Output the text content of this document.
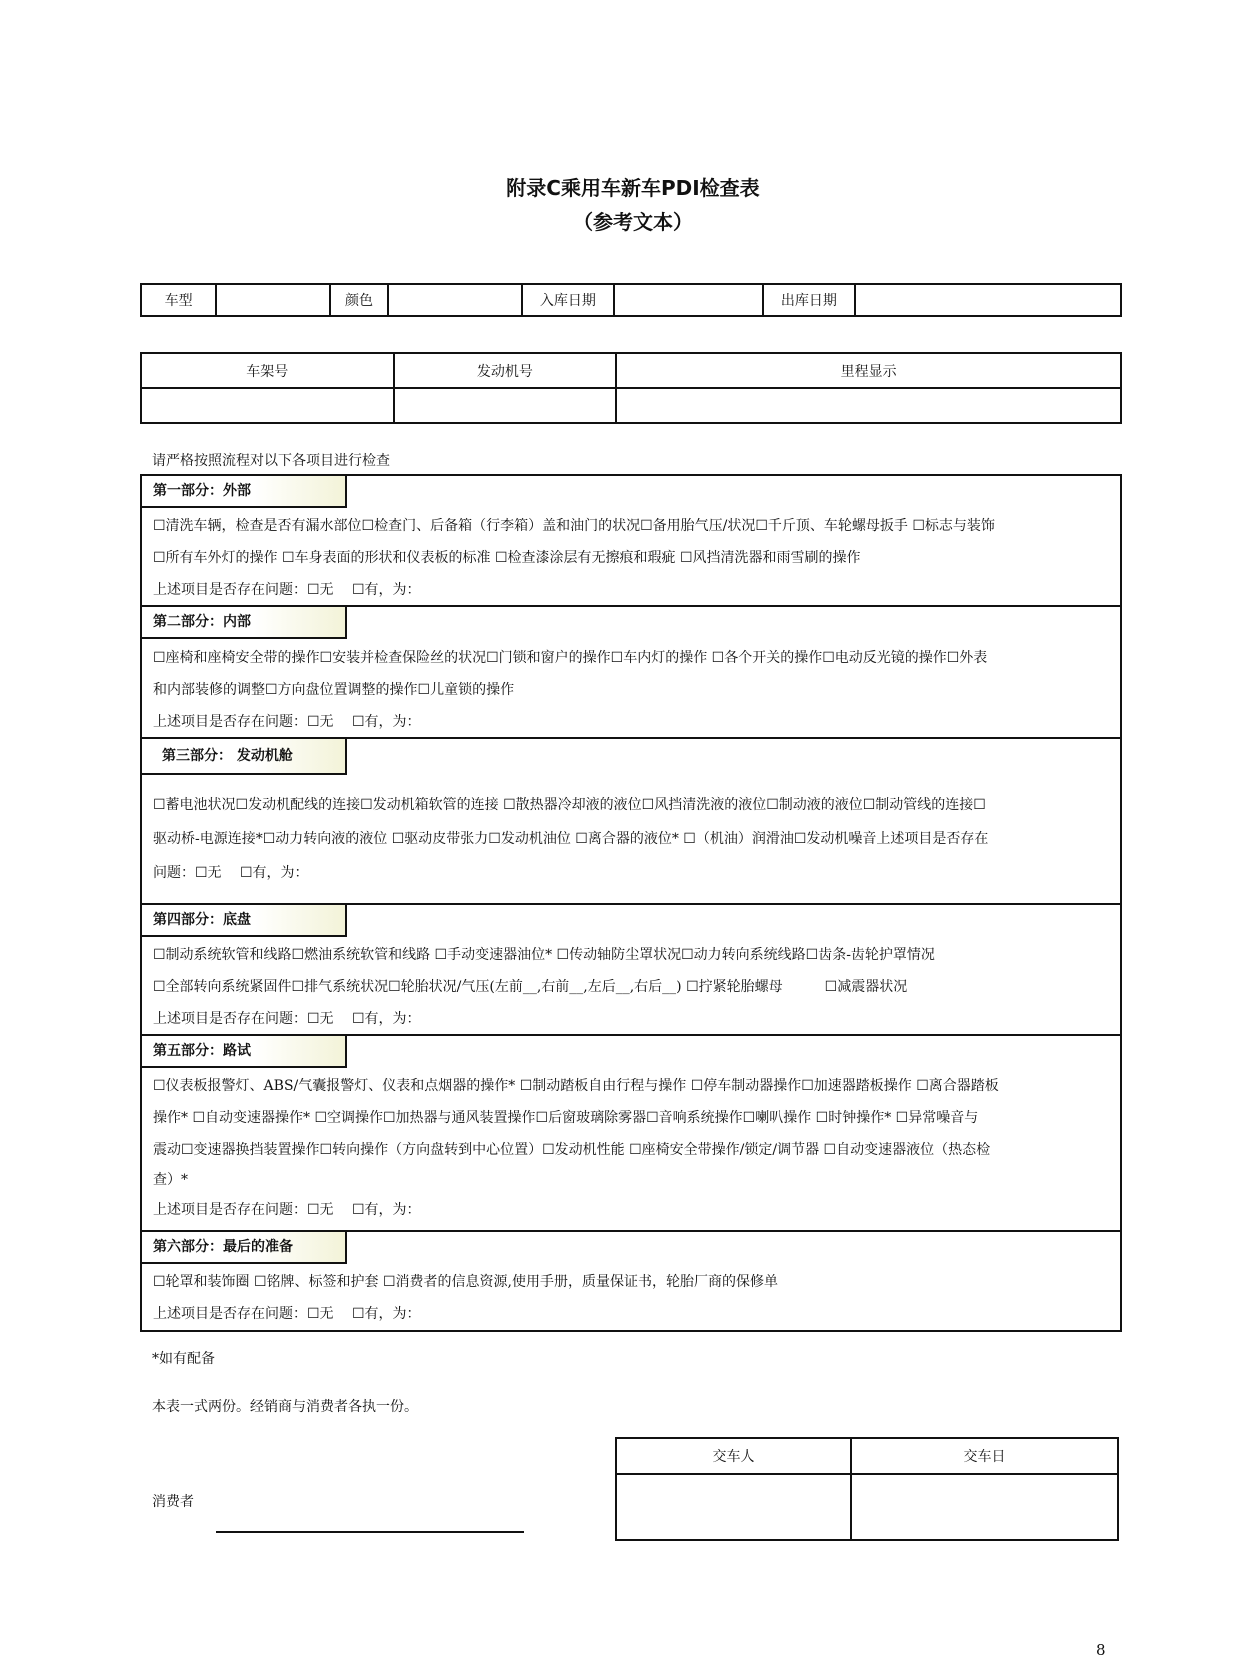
附录C乘用车新车PDI检查表
（参考文本）
车型		颜色		入库日期		出库日期	
车架号	发动机号	里程显示

请严格按照流程对以下各项目进行检查
第一部分：外部
☐清洗车辆，检查是否有漏水部位☐检查门、后备箱（行李箱）盖和油门的状况☐备用胎气压/状况☐千斤顶、车轮螺母扳手 ☐标志与装饰
☐所有车外灯的操作 ☐车身表面的形状和仪表板的标准 ☐检查漆涂层有无擦痕和瑕疵 ☐风挡清洗器和雨雪刷的操作
上述项目是否存在问题：☐无　 ☐有，为：
第二部分：内部
☐座椅和座椅安全带的操作☐安装并检查保险丝的状况☐门锁和窗户的操作☐车内灯的操作 ☐各个开关的操作☐电动反光镜的操作☐外表
和内部装修的调整☐方向盘位置调整的操作☐儿童锁的操作
上述项目是否存在问题：☐无　 ☐有，为：
第三部分： 发动机舱
☐蓄电池状况☐发动机配线的连接☐发动机箱软管的连接 ☐散热器冷却液的液位☐风挡清洗液的液位☐制动液的液位☐制动管线的连接☐
驱动桥-电源连接*☐动力转向液的液位 ☐驱动皮带张力☐发动机油位 ☐离合器的液位* ☐（机油）润滑油☐发动机噪音上述项目是否存在
问题：☐无　 ☐有，为：
第四部分：底盘
☐制动系统软管和线路☐燃油系统软管和线路 ☐手动变速器油位* ☐传动轴防尘罩状况☐动力转向系统线路☐齿条-齿轮护罩情况
☐全部转向系统紧固件☐排气系统状况☐轮胎状况/气压(左前__,右前__,左后__,右后__) ☐拧紧轮胎螺母　　　☐减震器状况
上述项目是否存在问题：☐无　 ☐有，为：
第五部分：路试
☐仪表板报警灯、ABS/气囊报警灯、仪表和点烟器的操作* ☐制动踏板自由行程与操作 ☐停车制动器操作☐加速器踏板操作 ☐离合器踏板
操作* ☐自动变速器操作* ☐空调操作☐加热器与通风装置操作☐后窗玻璃除雾器☐音响系统操作☐喇叭操作 ☐时钟操作* ☐异常噪音与
震动☐变速器换挡装置操作☐转向操作（方向盘转到中心位置）☐发动机性能 ☐座椅安全带操作/锁定/调节器 ☐自动变速器液位（热态检
查）*
上述项目是否存在问题：☐无　 ☐有，为：
第六部分：最后的准备
☐轮罩和装饰圈 ☐铭牌、标签和护套 ☐消费者的信息资源,使用手册，质量保证书，轮胎厂商的保修单
上述项目是否存在问题：☐无　 ☐有，为：
*如有配备
本表一式两份。经销商与消费者各执一份。
交车人	交车日

消费者
8
